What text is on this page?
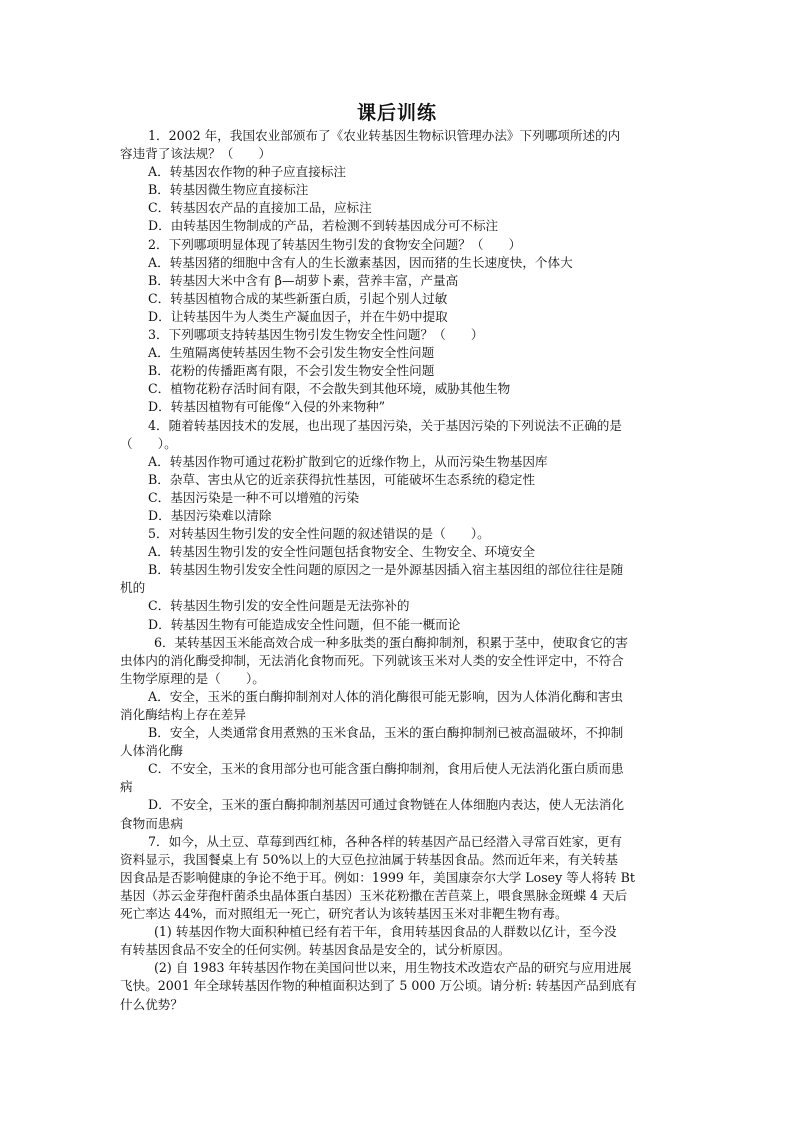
课后训练
1．2002 年，我国农业部颁布了《农业转基因生物标识管理办法》下列哪项所述的内
容违背了该法规？（　　）
A．转基因农作物的种子应直接标注
B．转基因微生物应直接标注
C．转基因农产品的直接加工品，应标注
D．由转基因生物制成的产品，若检测不到转基因成分可不标注
2．下列哪项明显体现了转基因生物引发的食物安全问题？（　　）
A．转基因猪的细胞中含有人的生长激素基因，因而猪的生长速度快，个体大
B．转基因大米中含有 β—胡萝卜素，营养丰富，产量高
C．转基因植物合成的某些新蛋白质，引起个别人过敏
D．让转基因牛为人类生产凝血因子，并在牛奶中提取
3．下列哪项支持转基因生物引发生物安全性问题？（　　）
A．生殖隔离使转基因生物不会引发生物安全性问题
B．花粉的传播距离有限，不会引发生物安全性问题
C．植物花粉存活时间有限，不会散失到其他环境，威胁其他生物
D．转基因植物有可能像“入侵的外来物种”
4．随着转基因技术的发展，也出现了基因污染，关于基因污染的下列说法不正确的是
（　　）。
A．转基因作物可通过花粉扩散到它的近缘作物上，从而污染生物基因库
B．杂草、害虫从它的近亲获得抗性基因，可能破坏生态系统的稳定性
C．基因污染是一种不可以增殖的污染
D．基因污染难以清除
5．对转基因生物引发的安全性问题的叙述错误的是（　　）。
A．转基因生物引发的安全性问题包括食物安全、生物安全、环境安全
B．转基因生物引发安全性问题的原因之一是外源基因插入宿主基因组的部位往往是随
机的
C．转基因生物引发的安全性问题是无法弥补的
D．转基因生物有可能造成安全性问题，但不能一概而论
6．某转基因玉米能高效合成一种多肽类的蛋白酶抑制剂，积累于茎中，使取食它的害
虫体内的消化酶受抑制，无法消化食物而死。下列就该玉米对人类的安全性评定中，不符合
生物学原理的是（　　）。
A．安全，玉米的蛋白酶抑制剂对人体的消化酶很可能无影响，因为人体消化酶和害虫
消化酶结构上存在差异
B．安全，人类通常食用煮熟的玉米食品，玉米的蛋白酶抑制剂已被高温破坏，不抑制
人体消化酶
C．不安全，玉米的食用部分也可能含蛋白酶抑制剂，食用后使人无法消化蛋白质而患
病
D．不安全，玉米的蛋白酶抑制剂基因可通过食物链在人体细胞内表达，使人无法消化
食物而患病
7．如今，从土豆、草莓到西红柿，各种各样的转基因产品已经潜入寻常百姓家，更有
资料显示，我国餐桌上有 50%以上的大豆色拉油属于转基因食品。然而近年来，有关转基
因食品是否影响健康的争论不绝于耳。例如：1999 年，美国康奈尔大学 Losey 等人将转 Bt
基因（苏云金芽孢杆菌杀虫晶体蛋白基因）玉米花粉撒在苦苣菜上，喂食黑脉金斑蝶 4 天后
死亡率达 44%，而对照组无一死亡，研究者认为该转基因玉米对非靶生物有毒。
(1) 转基因作物大面积种植已经有若干年，食用转基因食品的人群数以亿计，至今没
有转基因食品不安全的任何实例。转基因食品是安全的，试分析原因。
(2) 自 1983 年转基因作物在美国问世以来，用生物技术改造农产品的研究与应用进展
飞快。2001 年全球转基因作物的种植面积达到了 5 000 万公顷。请分析: 转基因产品到底有
什么优势？
